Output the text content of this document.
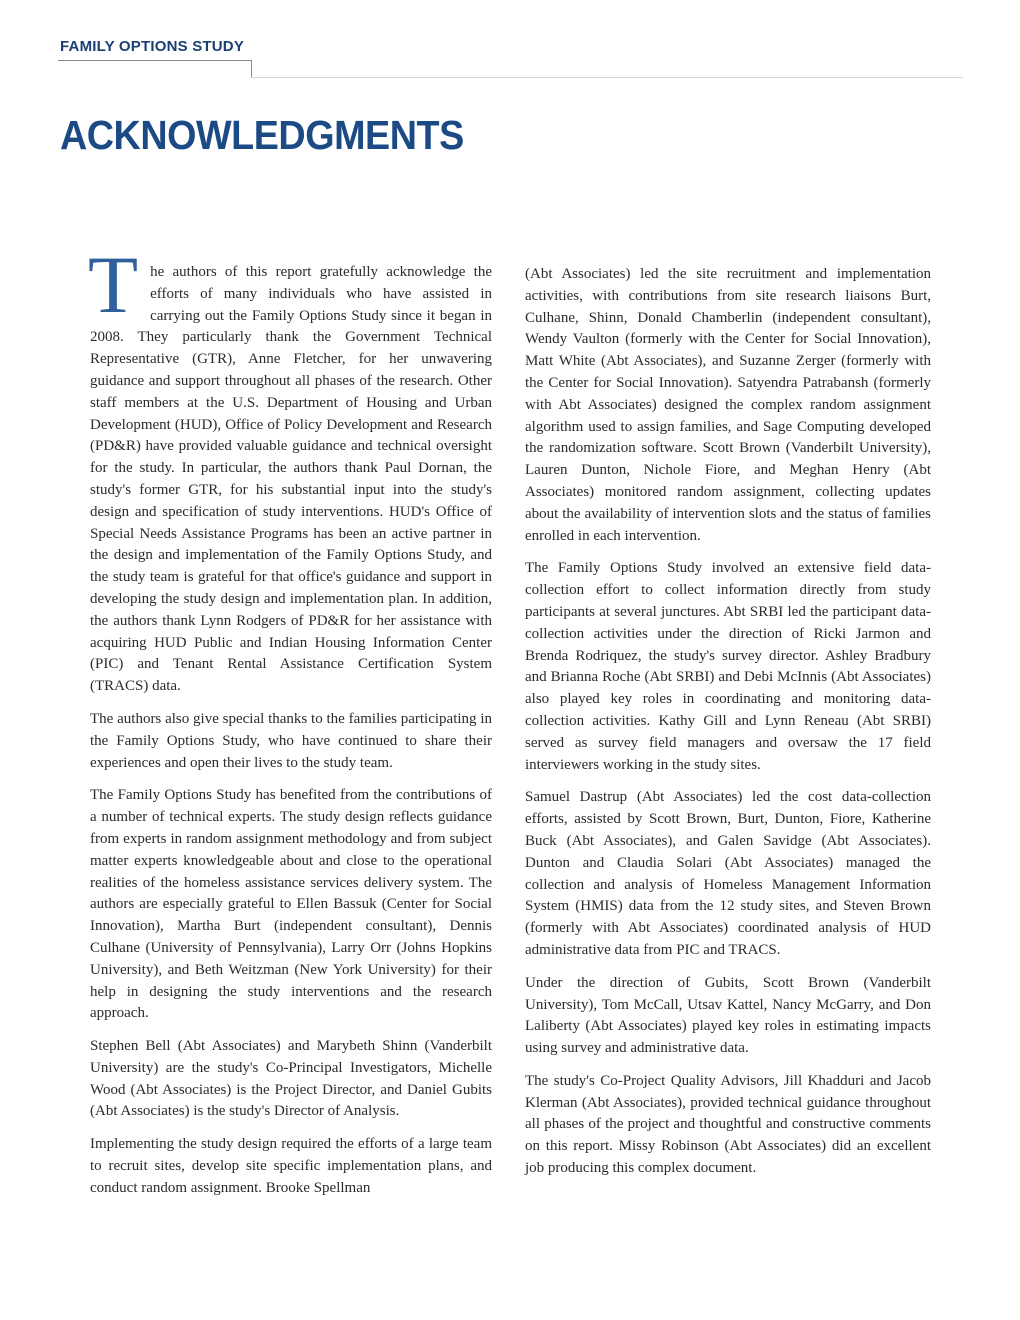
FAMILY OPTIONS STUDY
ACKNOWLEDGMENTS

The authors of this report gratefully acknowledge the efforts of many individuals who have assisted in carrying out the Family Options Study since it began in 2008. They particularly thank the Government Technical Representative (GTR), Anne Fletcher, for her unwavering guidance and support throughout all phases of the research. Other staff members at the U.S. Department of Housing and Urban Development (HUD), Office of Policy Development and Research (PD&R) have provided valuable guidance and technical oversight for the study. In particular, the authors thank Paul Dornan, the study's former GTR, for his substantial input into the study's design and specification of study interventions. HUD's Office of Special Needs Assistance Programs has been an active partner in the design and implementation of the Family Options Study, and the study team is grateful for that office's guidance and support in developing the study design and implementation plan. In addition, the authors thank Lynn Rodgers of PD&R for her assistance with acquiring HUD Public and Indian Housing Information Center (PIC) and Tenant Rental Assistance Certification System (TRACS) data.

The authors also give special thanks to the families participating in the Family Options Study, who have continued to share their experiences and open their lives to the study team.

The Family Options Study has benefited from the contributions of a number of technical experts. The study design reflects guidance from experts in random assignment methodology and from subject matter experts knowledgeable about and close to the operational realities of the homeless assistance services delivery system. The authors are especially grateful to Ellen Bassuk (Center for Social Innovation), Martha Burt (independent consultant), Dennis Culhane (University of Pennsylvania), Larry Orr (Johns Hopkins University), and Beth Weitzman (New York University) for their help in designing the study interventions and the research approach.

Stephen Bell (Abt Associates) and Marybeth Shinn (Vanderbilt University) are the study's Co-Principal Investigators, Michelle Wood (Abt Associates) is the Project Director, and Daniel Gubits (Abt Associates) is the study's Director of Analysis.

Implementing the study design required the efforts of a large team to recruit sites, develop site specific implementation plans, and conduct random assignment. Brooke Spellman

(Abt Associates) led the site recruitment and implementation activities, with contributions from site research liaisons Burt, Culhane, Shinn, Donald Chamberlin (independent consultant), Wendy Vaulton (formerly with the Center for Social Innovation), Matt White (Abt Associates), and Suzanne Zerger (formerly with the Center for Social Innovation). Satyendra Patrabansh (formerly with Abt Associates) designed the complex random assignment algorithm used to assign families, and Sage Computing developed the randomization software. Scott Brown (Vanderbilt University), Lauren Dunton, Nichole Fiore, and Meghan Henry (Abt Associates) monitored random assignment, collecting updates about the availability of intervention slots and the status of families enrolled in each intervention.

The Family Options Study involved an extensive field data-collection effort to collect information directly from study participants at several junctures. Abt SRBI led the participant data-collection activities under the direction of Ricki Jarmon and Brenda Rodriquez, the study's survey director. Ashley Bradbury and Brianna Roche (Abt SRBI) and Debi McInnis (Abt Associates) also played key roles in coordinating and monitoring data-collection activities. Kathy Gill and Lynn Reneau (Abt SRBI) served as survey field managers and oversaw the 17 field interviewers working in the study sites.

Samuel Dastrup (Abt Associates) led the cost data-collection efforts, assisted by Scott Brown, Burt, Dunton, Fiore, Katherine Buck (Abt Associates), and Galen Savidge (Abt Associates). Dunton and Claudia Solari (Abt Associates) managed the collection and analysis of Homeless Management Information System (HMIS) data from the 12 study sites, and Steven Brown (formerly with Abt Associates) coordinated analysis of HUD administrative data from PIC and TRACS.

Under the direction of Gubits, Scott Brown (Vanderbilt University), Tom McCall, Utsav Kattel, Nancy McGarry, and Don Laliberty (Abt Associates) played key roles in estimating impacts using survey and administrative data.

The study's Co-Project Quality Advisors, Jill Khadduri and Jacob Klerman (Abt Associates), provided technical guidance throughout all phases of the project and thoughtful and constructive comments on this report. Missy Robinson (Abt Associates) did an excellent job producing this complex document.
